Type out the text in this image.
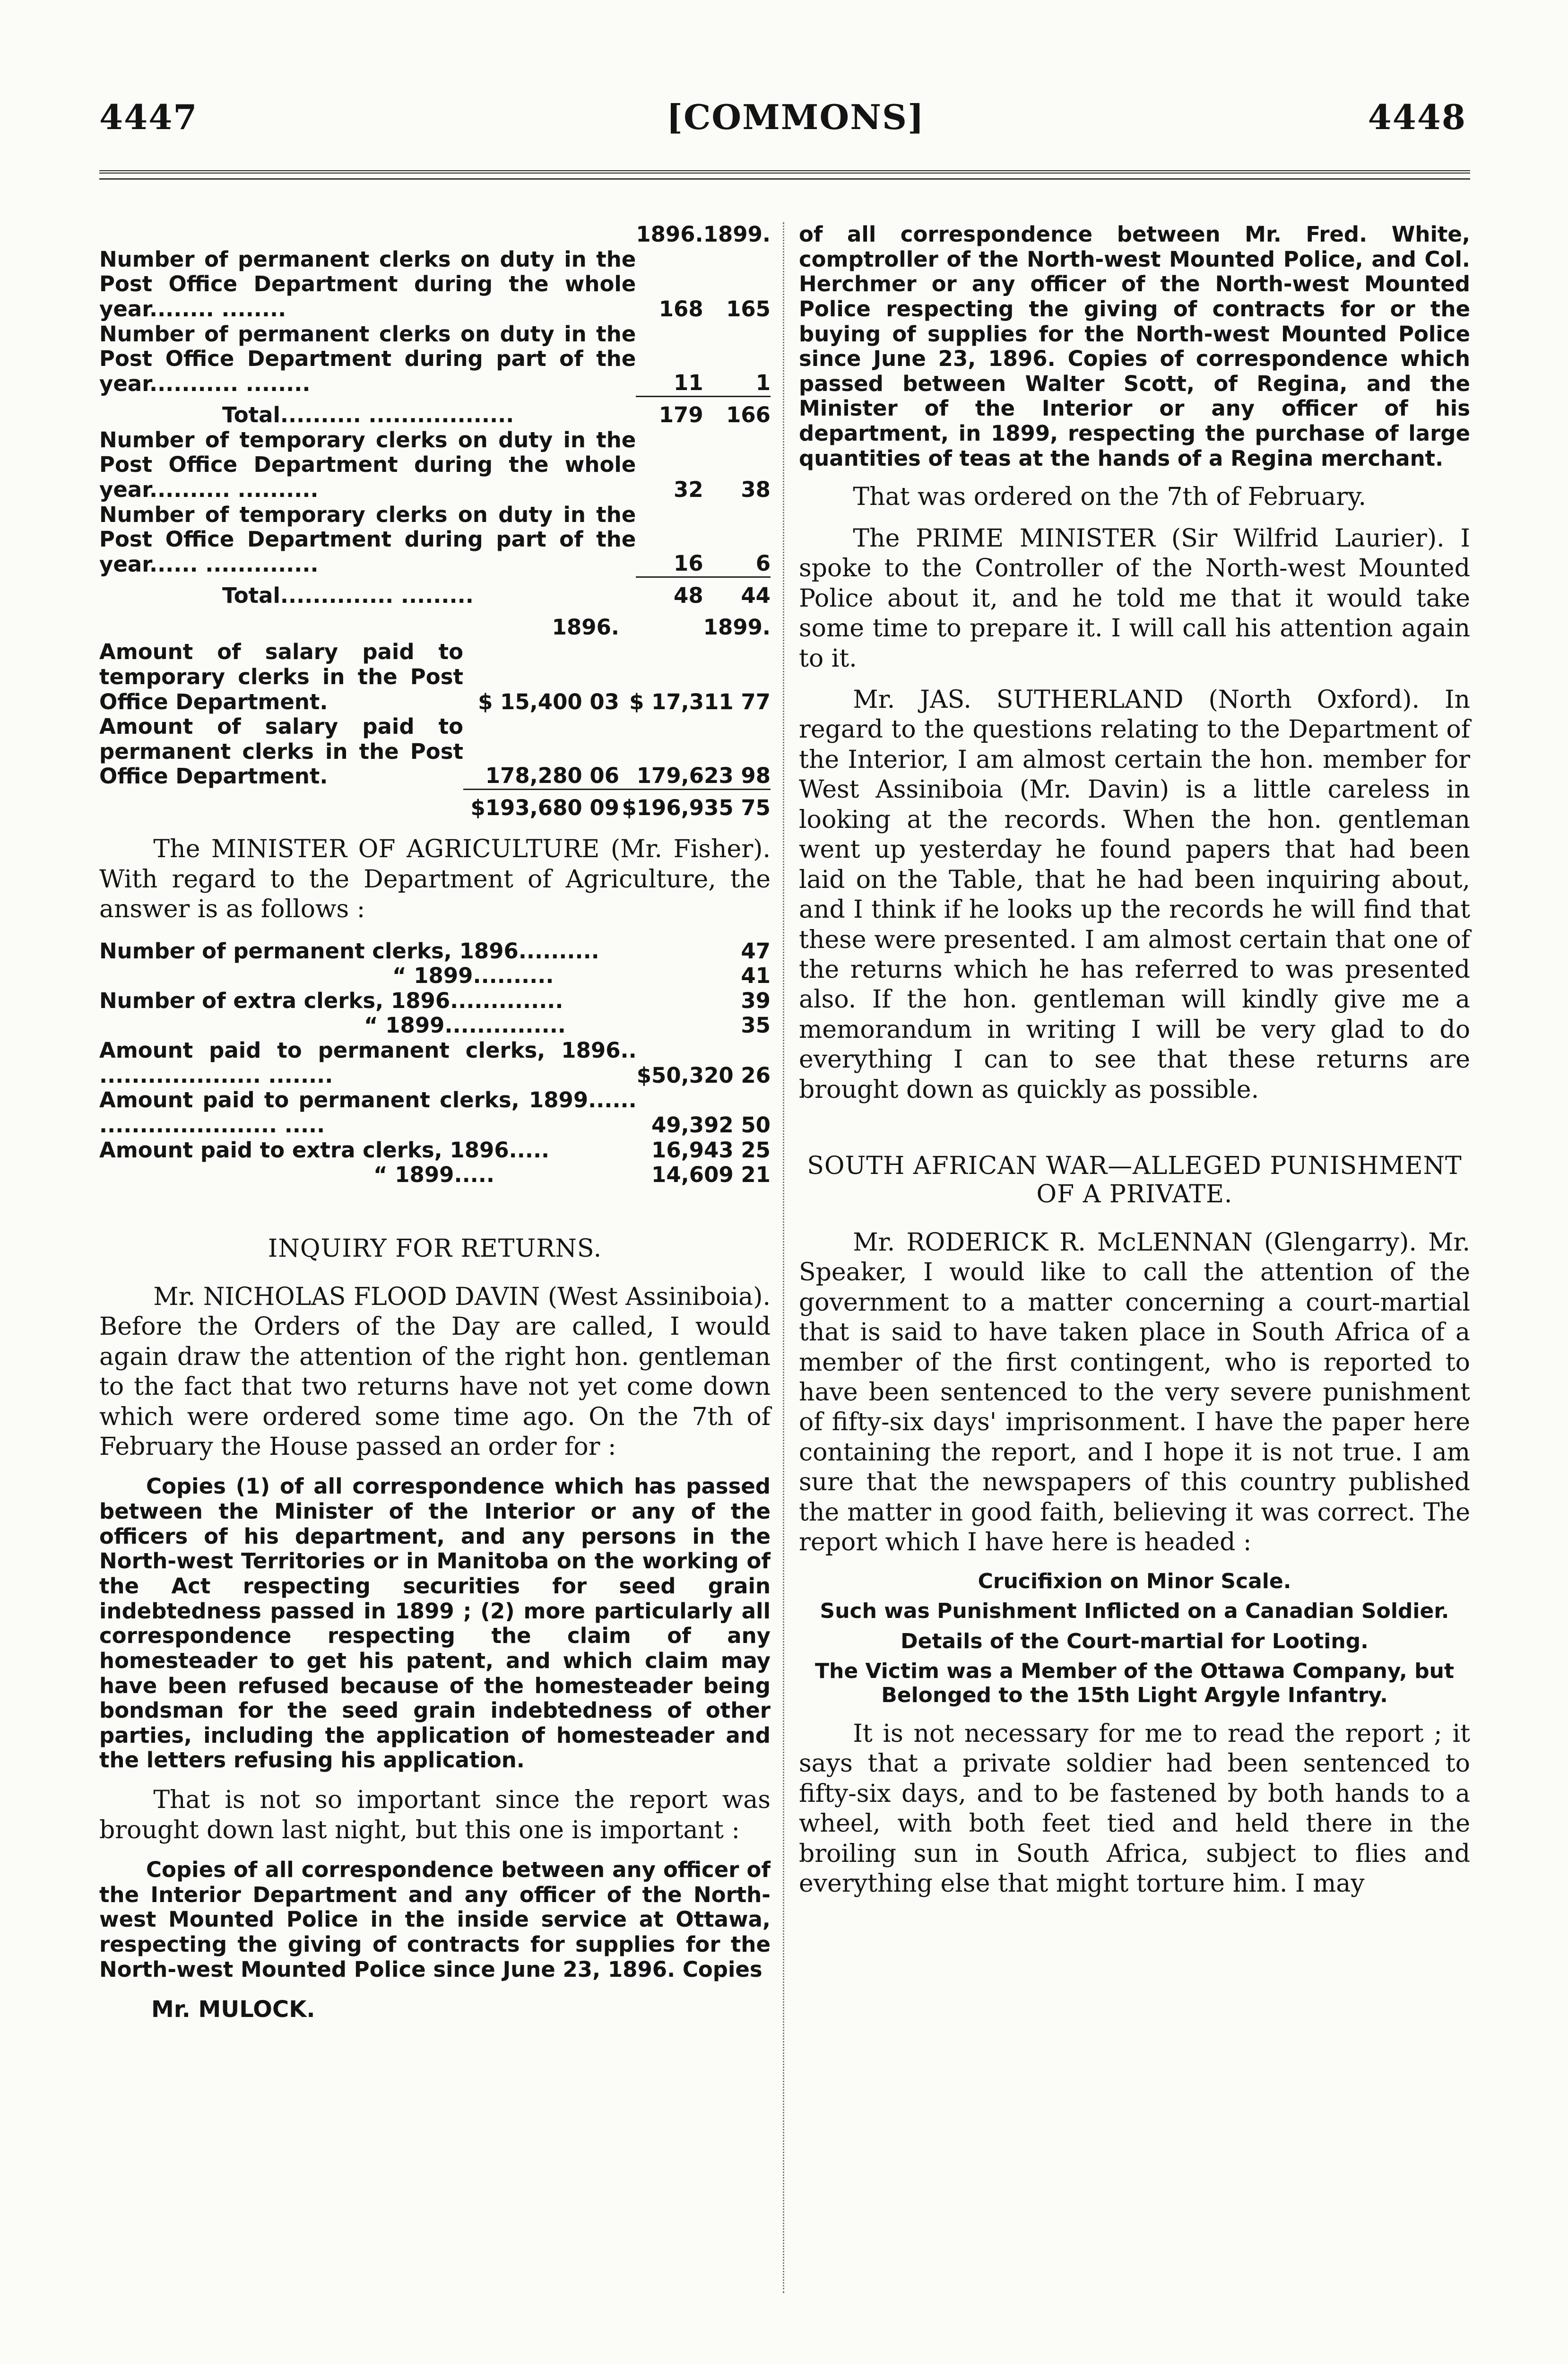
4447	[COMMONS]	4448
	1896.	1899.
Number of permanent clerks on duty in the Post Office Department during the whole year........ ........	168	165
Number of permanent clerks on duty in the Post Office Department during part of the year........... ........	11	1
Total.......... ..................	179	166
Number of temporary clerks on duty in the Post Office Department during the whole year.......... ..........	32	38
Number of temporary clerks on duty in the Post Office Department during part of the year...... ..............	16	6
Total.............. .........	48	44
	1896.	1899.
Amount of salary paid to temporary clerks in the Post Office Department.	$ 15,400 03	$ 17,311 77
Amount of salary paid to permanent clerks in the Post Office Department.	178,280 06	179,623 98
	$193,680 09	$196,935 75

The MINISTER OF AGRICULTURE (Mr. Fisher). With regard to the Department of Agriculture, the answer is as follows :

Number of permanent clerks, 1896..........	47
“ 1899..........	41
Number of extra clerks, 1896..............	39
“ 1899...............	35
Amount paid to permanent clerks, 1896.. .................... ........	$50,320 26
Amount paid to permanent clerks, 1899...... ...................... .....	49,392 50
Amount paid to extra clerks, 1896.....	16,943 25
“ 1899.....	14,609 21
INQUIRY FOR RETURNS.

Mr. NICHOLAS FLOOD DAVIN (West Assiniboia). Before the Orders of the Day are called, I would again draw the attention of the right hon. gentleman to the fact that two returns have not yet come down which were ordered some time ago. On the 7th of February the House passed an order for :

Copies (1) of all correspondence which has passed between the Minister of the Interior or any of the officers of his department, and any persons in the North-west Territories or in Manitoba on the working of the Act respecting securities for seed grain indebtedness passed in 1899 ; (2) more particularly all correspondence respecting the claim of any homesteader to get his patent, and which claim may have been refused because of the homesteader being bondsman for the seed grain indebtedness of other parties, including the application of homesteader and the letters refusing his application.

That is not so important since the report was brought down last night, but this one is important :

Copies of all correspondence between any officer of the Interior Department and any officer of the North-west Mounted Police in the inside service at Ottawa, respecting the giving of contracts for supplies for the North-west Mounted Police since June 23, 1896. Copies

Mr. MULOCK.

of all correspondence between Mr. Fred. White, comptroller of the North-west Mounted Police, and Col. Herchmer or any officer of the North-west Mounted Police respecting the giving of contracts for or the buying of supplies for the North-west Mounted Police since June 23, 1896. Copies of correspondence which passed between Walter Scott, of Regina, and the Minister of the Interior or any officer of his department, in 1899, respecting the purchase of large quantities of teas at the hands of a Regina merchant.

That was ordered on the 7th of February.

The PRIME MINISTER (Sir Wilfrid Laurier). I spoke to the Controller of the North-west Mounted Police about it, and he told me that it would take some time to prepare it. I will call his attention again to it.

Mr. JAS. SUTHERLAND (North Oxford). In regard to the questions relating to the Department of the Interior, I am almost certain the hon. member for West Assiniboia (Mr. Davin) is a little careless in looking at the records. When the hon. gentleman went up yesterday he found papers that had been laid on the Table, that he had been inquiring about, and I think if he looks up the records he will find that these were presented. I am almost certain that one of the returns which he has referred to was presented also. If the hon. gentleman will kindly give me a memorandum in writing I will be very glad to do everything I can to see that these returns are brought down as quickly as possible.

SOUTH AFRICAN WAR—ALLEGED PUNISHMENT OF A PRIVATE.

Mr. RODERICK R. McLENNAN (Glengarry). Mr. Speaker, I would like to call the attention of the government to a matter concerning a court-martial that is said to have taken place in South Africa of a member of the first contingent, who is reported to have been sentenced to the very severe punishment of fifty-six days' imprisonment. I have the paper here containing the report, and I hope it is not true. I am sure that the newspapers of this country published the matter in good faith, believing it was correct. The report which I have here is headed :

Crucifixion on Minor Scale.
Such was Punishment Inflicted on a Canadian Soldier.
Details of the Court-martial for Looting.
The Victim was a Member of the Ottawa Company, but Belonged to the 15th Light Argyle Infantry.

It is not necessary for me to read the report ; it says that a private soldier had been sentenced to fifty-six days, and to be fastened by both hands to a wheel, with both feet tied and held there in the broiling sun in South Africa, subject to flies and everything else that might torture him. I may
